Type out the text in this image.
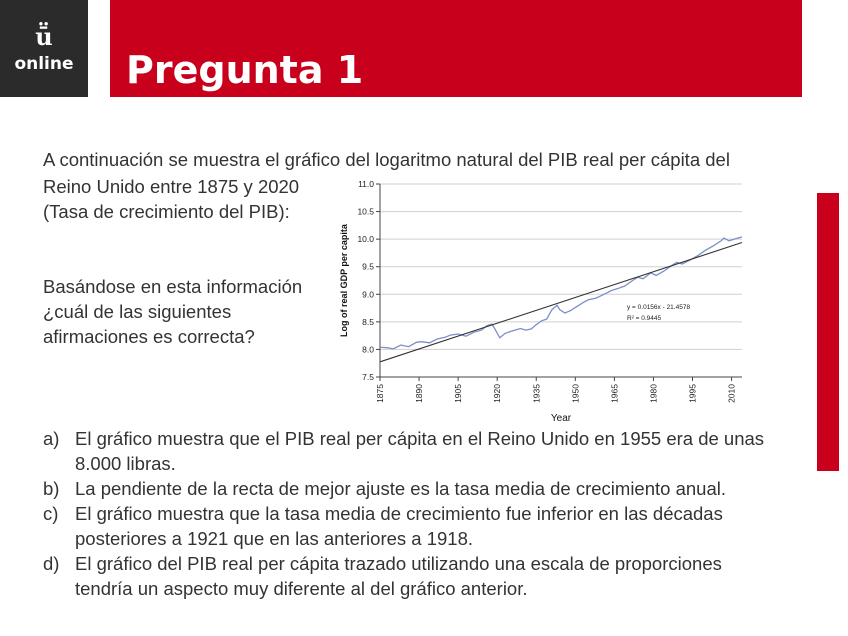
ṻ
online	Pregunta 1
A continuación se muestra el gráfico del logaritmo natural del PIB real per cápita del
Reino Unido entre 1875 y 2020
(Tasa de crecimiento del PIB):
Basándose en esta información
¿cuál de las siguientes
afirmaciones es correcta?
7.5
8.0
8.5
9.0
9.5
10.0
10.5
11.0
1875	1890	1905	1920	1935	1950	1965	1980	1995	2010
y = 0.0156x - 21.4578
R² = 0.9445
Year
Log of real GDP per capita
a) El gráfico muestra que el PIB real per cápita en el Reino Unido en 1955 era de unas
8.000 libras.
b) La pendiente de la recta de mejor ajuste es la tasa media de crecimiento anual.
c) El gráfico muestra que la tasa media de crecimiento fue inferior en las décadas
posteriores a 1921 que en las anteriores a 1918.
d) El gráfico del PIB real per cápita trazado utilizando una escala de proporciones
tendría un aspecto muy diferente al del gráfico anterior.
